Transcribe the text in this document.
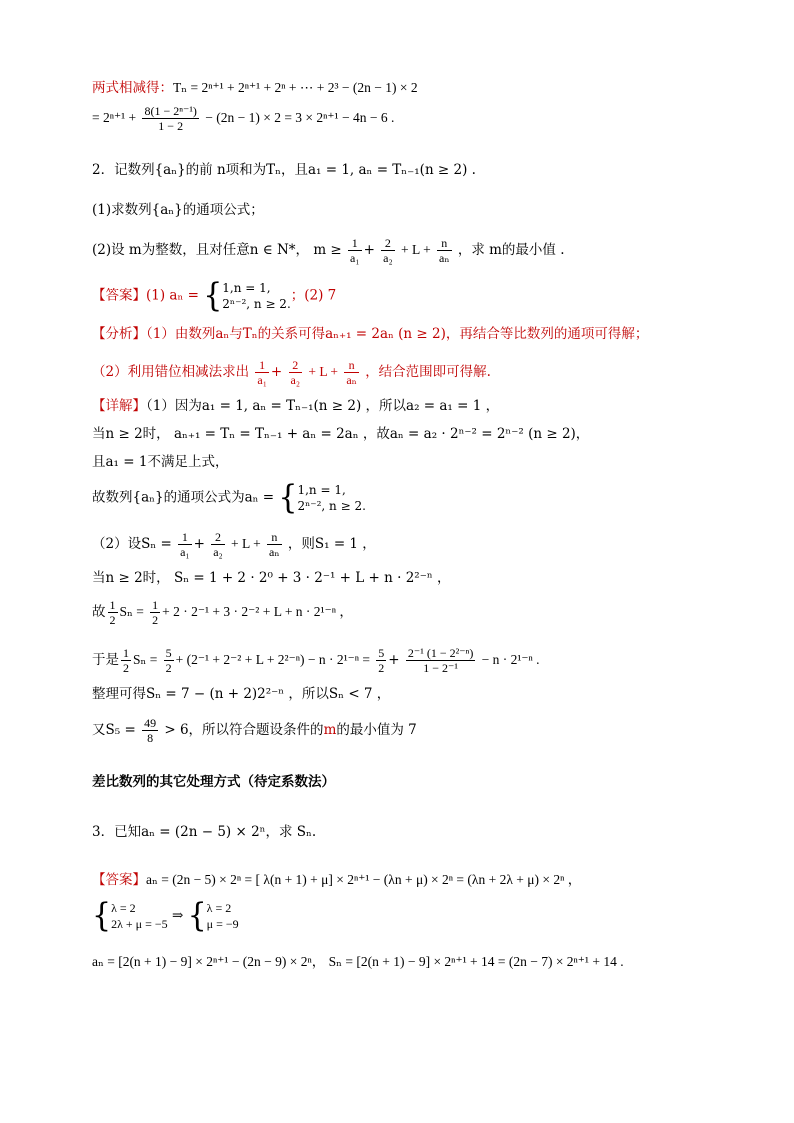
两式相减得：Tₙ = 2ⁿ⁺¹ + 2ⁿ⁺¹ + 2ⁿ + ⋯ + 2³ − (2n − 1) × 2
= $2^{n+1} + \frac{\text{8(1 − 2ⁿ⁻¹)}}{1 - 2} - (2n - 1) \times 2 = 3 \times 2^{n+1} - 4n - 6$ .
2．记数列{aₙ}的前 n项和为Tₙ，且a₁ = 1, aₙ = Tₙ₋₁(n ≥ 2) .
(1)求数列{aₙ}的通项公式；
(2)设 m为整数，且对任意n ∈ N*， $m \ge \frac{1}{\text{a₁}} + \frac{2}{\text{a₂}} + L + \frac{n}{\text{aₙ}}$ ，求 m的最小值 .
【答案】(1) aₙ = {1,n = 1,
2ⁿ⁻², n ≥ 2.；(2) 7
【分析】（1）由数列aₙ与Tₙ的关系可得aₙ₊₁ = 2aₙ (n ≥ 2)，再结合等比数列的通项可得解；
（2）利用错位相减法求出 $\frac{1}{\text{a₁}} + \frac{2}{\text{a₂}} + L + \frac{n}{\text{aₙ}}$ ，结合范围即可得解.
【详解】（1）因为a₁ = 1, aₙ = Tₙ₋₁(n ≥ 2) ，所以a₂ = a₁ = 1 ，
当n ≥ 2时， aₙ₊₁ = Tₙ = Tₙ₋₁ + aₙ = 2aₙ ，故aₙ = a₂ · 2ⁿ⁻² = 2ⁿ⁻² (n ≥ 2)，
且a₁ = 1不满足上式，
故数列{aₙ}的通项公式为aₙ = {1,n = 1,
2ⁿ⁻², n ≥ 2.
（2）设$S_n = \frac{1}{\text{a₁}} + \frac{2}{\text{a₂}} + L + \frac{n}{\text{aₙ}}$ ，则S₁ = 1 ，
当n ≥ 2时， Sₙ = 1 + 2 · 2⁰ + 3 · 2⁻¹ + L + n · 2²⁻ⁿ ，
故 $\frac{1}{2}$ $S_n = \frac{1}{2} + 2 \cdot 2^{-1} + 3 \cdot 2^{-2} + L + n \cdot 2^{1-n}$ ，
于是 $\frac{1}{2}$ $S_n = \frac{5}{2} + (2^{-1} + 2^{-2} + L + 2^{2-n}) - n \cdot 2^{1-n} = \frac{5}{2} + \frac{\text{2⁻¹ (1 − 2²⁻ⁿ)}}{\text{1 − 2⁻¹}} - n \cdot 2^{1-n}$ .
整理可得Sₙ = 7 − (n + 2)2²⁻ⁿ ，所以Sₙ < 7 ，
又$S_5 = \frac{49}{8} > 6$，所以符合题设条件的m的最小值为 7
差比数列的其它处理方式（待定系数法）
3．已知aₙ = (2n − 5) × 2ⁿ，求 Sₙ.
【答案】aₙ = (2n − 5) × 2ⁿ = [ λ(n + 1) + μ] × 2ⁿ⁺¹ − (λn + μ) × 2ⁿ = (λn + 2λ + μ) × 2ⁿ ，
{λ = 2
2λ + μ = −5 ⇒ {λ = 2
μ = −9
aₙ = [2(n + 1) − 9] × 2ⁿ⁺¹ − (2n − 9) × 2ⁿ， Sₙ = [2(n + 1) − 9] × 2ⁿ⁺¹ + 14 = (2n − 7) × 2ⁿ⁺¹ + 14 .
